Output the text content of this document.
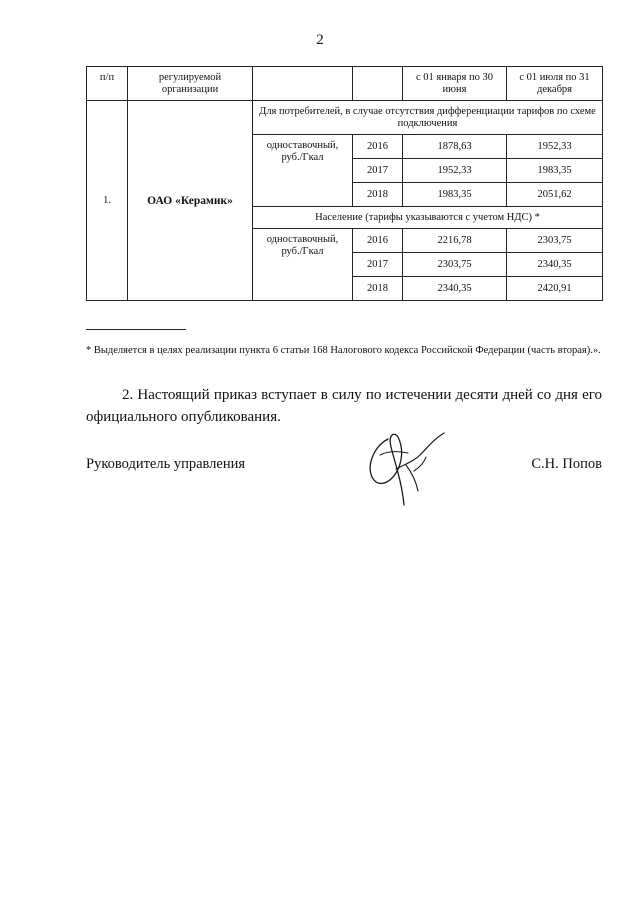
2
п/п	регулируемой организации			с 01 января по 30 июня	с 01 июля по 31 декабря
1.	ОАО «Керамик»	Для потребителей, в случае отсутствия дифференциации тарифов по схеме подключения			
		одноставочный, руб./Гкал	2016	1878,63	1952,33
			2017	1952,33	1983,35
			2018	1983,35	2051,62
		Население (тарифы указываются с учетом НДС) *			
		одноставочный, руб./Гкал	2016	2216,78	2303,75
			2017	2303,75	2340,35
			2018	2340,35	2420,91
* Выделяется в целях реализации пункта 6 статьи 168 Налогового кодекса Российской Федерации (часть вторая).».
2. Настоящий приказ вступает в силу по истечении десяти дней со дня его официального опубликования.
Руководитель управления	С.Н. Попов
